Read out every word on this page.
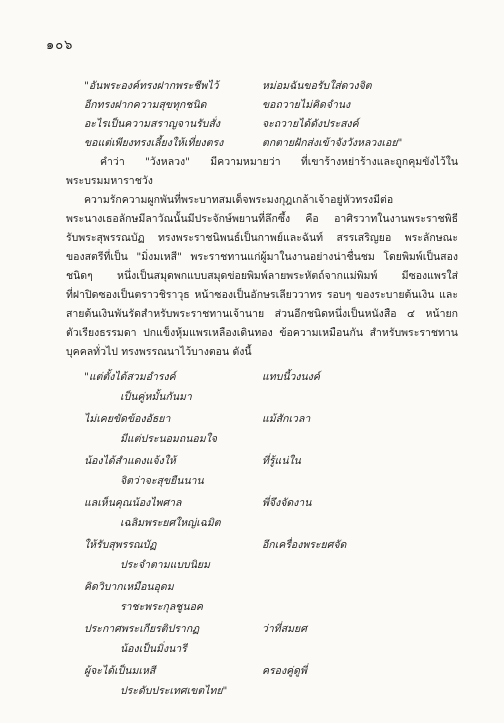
๑๐๖
"อันพระองค์ทรงฝากพระชีพไว้	หม่อมฉันขอรับใส่ดวงจิต
อีกทรงฝากความสุขทุกชนิด	ขอถวายไม่คิดจำนง
อะไรเป็นความสราญจานรับสั่ง	จะถวายได้ดังประสงค์
ขอแต่เพียงทรงเลี้ยงให้เที่ยงตรง	ตกตายฝักส่งเข้าจังวังหลวงเอย"
คำว่า "วังหลวง" มีความหมายว่า ที่เขาร้างหย่าร้างและถูกคุมขังไว้ใน
พระบรมมหาราชวัง
ความรักความผูกพันที่พระบาทสมเด็จพระมงกุฎเกล้าเจ้าอยู่หัวทรงมีต่อ
พระนางเธอลักษมีลาวัณนั้นมีประจักษ์พยานที่ลึกซึ้ง คือ อาศิรวาทในงานพระราชพิธี
รับพระสุพรรณบัฏ ทรงพระราชนิพนธ์เป็นกาพย์และฉันท์ สรรเสริญยอ พระลักษณะ
ของสตรีที่เป็น "มิ่งมเหสี" พระราชทานแก่ผู้มาในงานอย่างน่าชื่นชม โดยพิมพ์เป็นสอง
ชนิดๆ หนึ่งเป็นสมุดพกแบบสมุดข่อยพิมพ์ลายพระหัตถ์จากแม่พิมพ์ มีซองแพรใส่
ที่ฝาปิดซองเป็นตราวชิราวุธ หน้าซองเป็นอักษรเลียววาทร รอบๆ ของระบายต้นเงิน และ
สายต้นเงินพันรัดสำหรับพระราชทานเจ้านาย ส่วนอีกชนิดหนึ่งเป็นหนังสือ ๔ หน้ายก
ตัวเรียงธรรมดา ปกแข็งหุ้มแพรเหลืองเดินทอง ข้อความเหมือนกัน สำหรับพระราชทาน
บุคคลทั่วไป ทรงพรรณนาไว้บางตอน ดังนี้
"แต่ตั้งได้สวมอำรงค์	แทบนี้วงนงค์
เป็นคู่หมั้นกันมา
ไม่เคยขัดข้องอัธยา	แม้สักเวลา
มีแต่ประนอมถนอมใจ
น้องได้สำแดงแจ้งให้	ที่รู้แน่ใน
จิตว่าจะสุขยืนนาน
แลเห็นคุณน้องไพศาล	พี่จึงจัดงาน
เฉลิมพระยศใหญ่เฉมิต
ให้รับสุพรรณบัฏ	อีกเครื่องพระยศจัด
ประจำตามแบบนิยม
คิดวิบากเหมือนอุดม
ราชะพระกุลชูนอค
ประกาศพระเกียรติปรากฏ	ว่าที่สมยศ
น้องเป็นมิ่งนารี
ผู้จะได้เป็นมเหสี	ครองคู่ดูพี่
ประดับประเทศเขตไทย"
